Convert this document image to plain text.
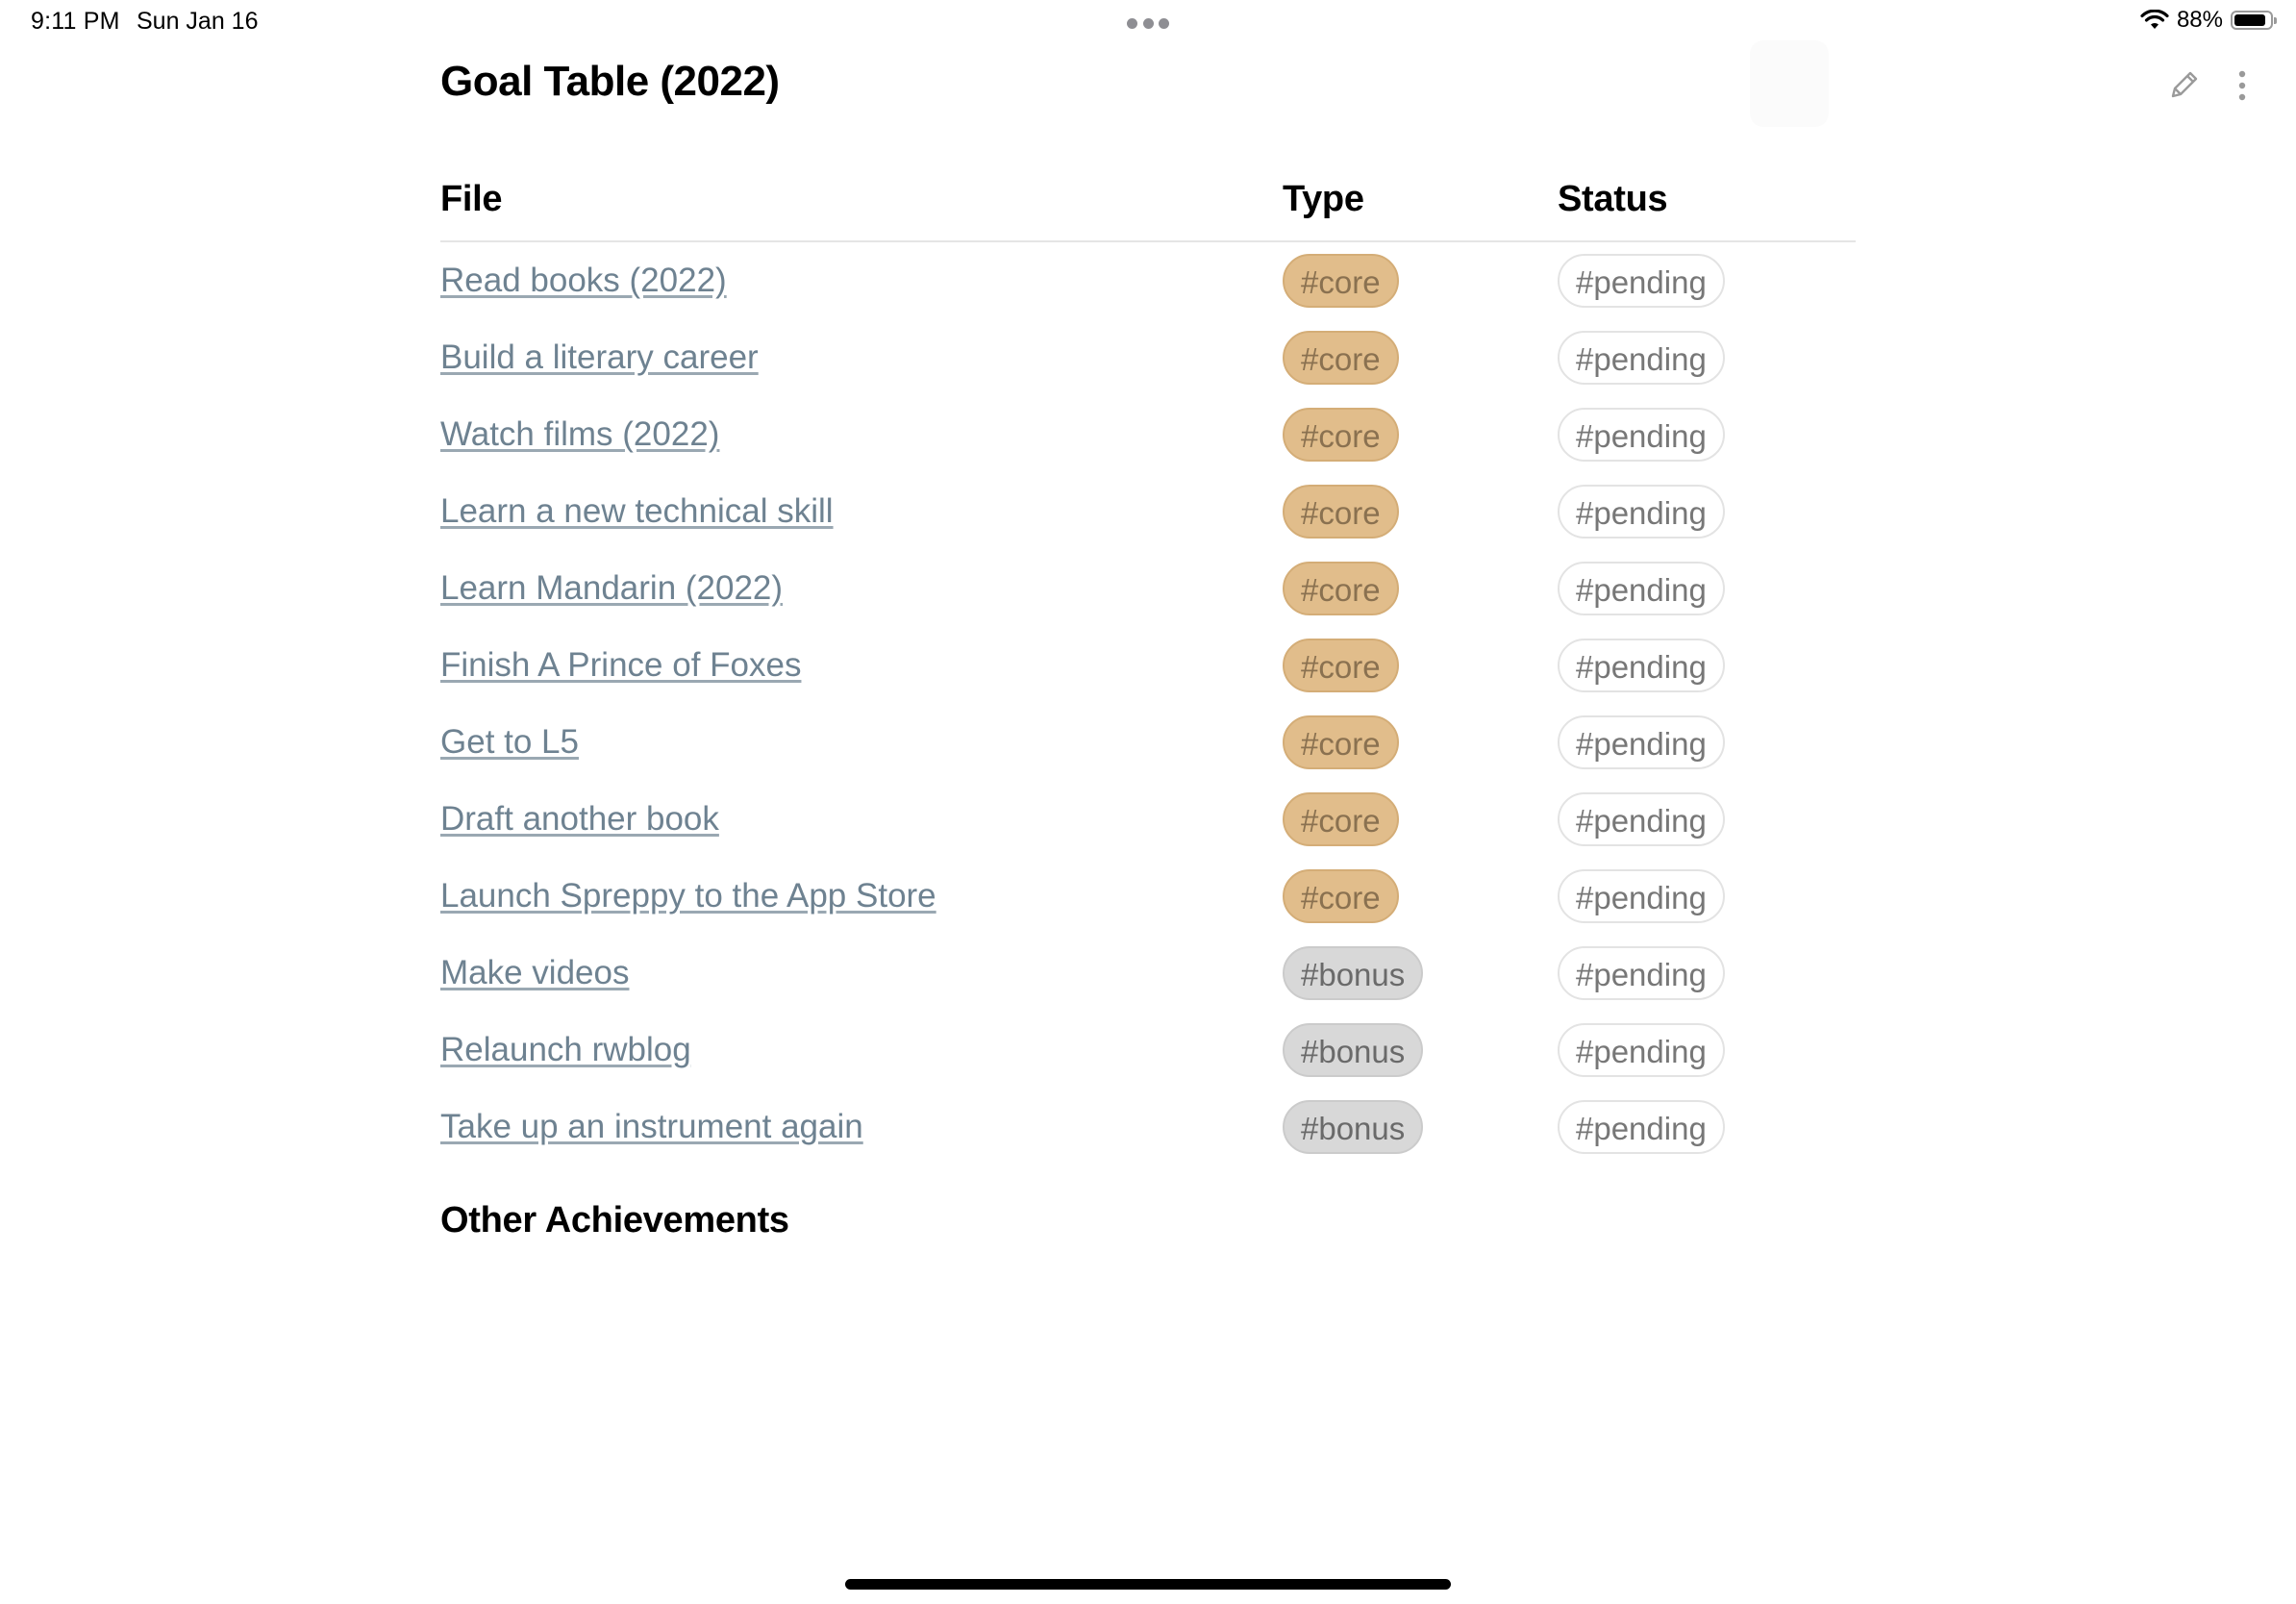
9:11 PM Sun Jan 16	88%
Goal Table (2022)
File	Type	Status
Read books (2022)	#core	#pending
Build a literary career	#core	#pending
Watch films (2022)	#core	#pending
Learn a new technical skill	#core	#pending
Learn Mandarin (2022)	#core	#pending
Finish A Prince of Foxes	#core	#pending
Get to L5	#core	#pending
Draft another book	#core	#pending
Launch Spreppy to the App Store	#core	#pending
Make videos	#bonus	#pending
Relaunch rwblog	#bonus	#pending
Take up an instrument again	#bonus	#pending
Other Achievements
